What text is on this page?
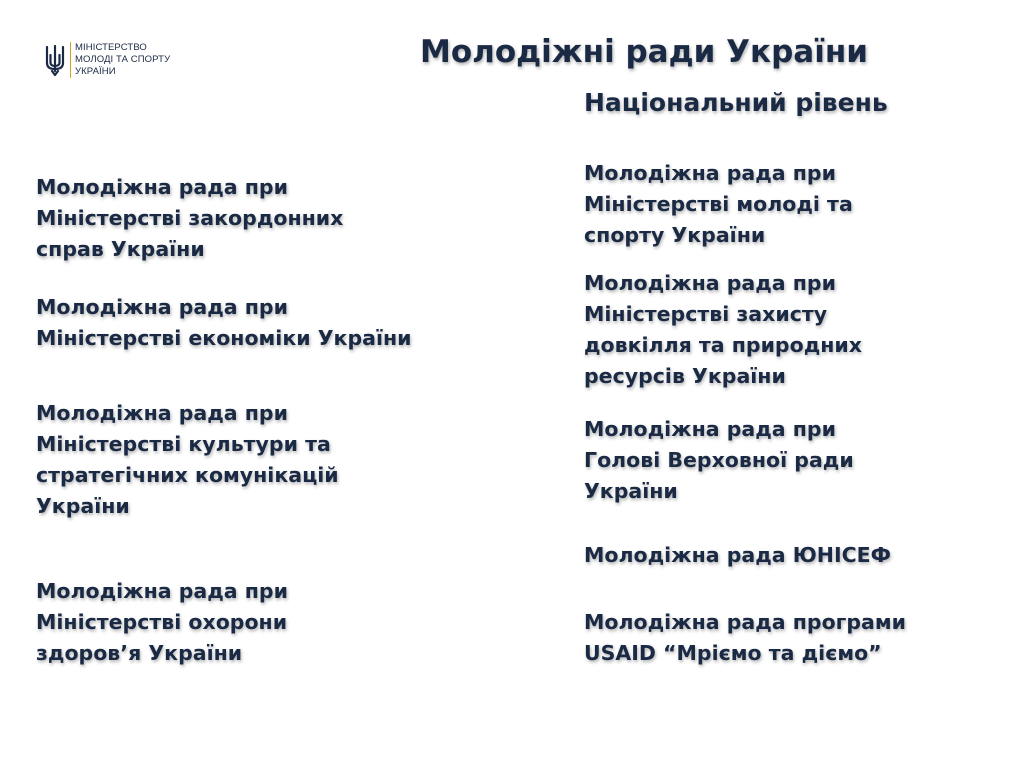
МІНІСТЕРСТВО
МОЛОДІ ТА СПОРТУ
УКРАЇНИ
Молодіжні ради України
Національний рівень

Молодіжна рада при
Міністерстві закордонних
справ України

Молодіжна рада при
Міністерстві економіки України

Молодіжна рада при
Міністерстві культури та
стратегічних комунікацій
України

Молодіжна рада при
Міністерстві охорони
здоров’я України

Молодіжна рада при
Міністерстві молоді та
спорту України

Молодіжна рада при
Міністерстві захисту
довкілля та природних
ресурсів України

Молодіжна рада при
Голові Верховної ради
України

Молодіжна рада ЮНІСЕФ

Молодіжна рада програми
USAID “Мріємо та діємо”
